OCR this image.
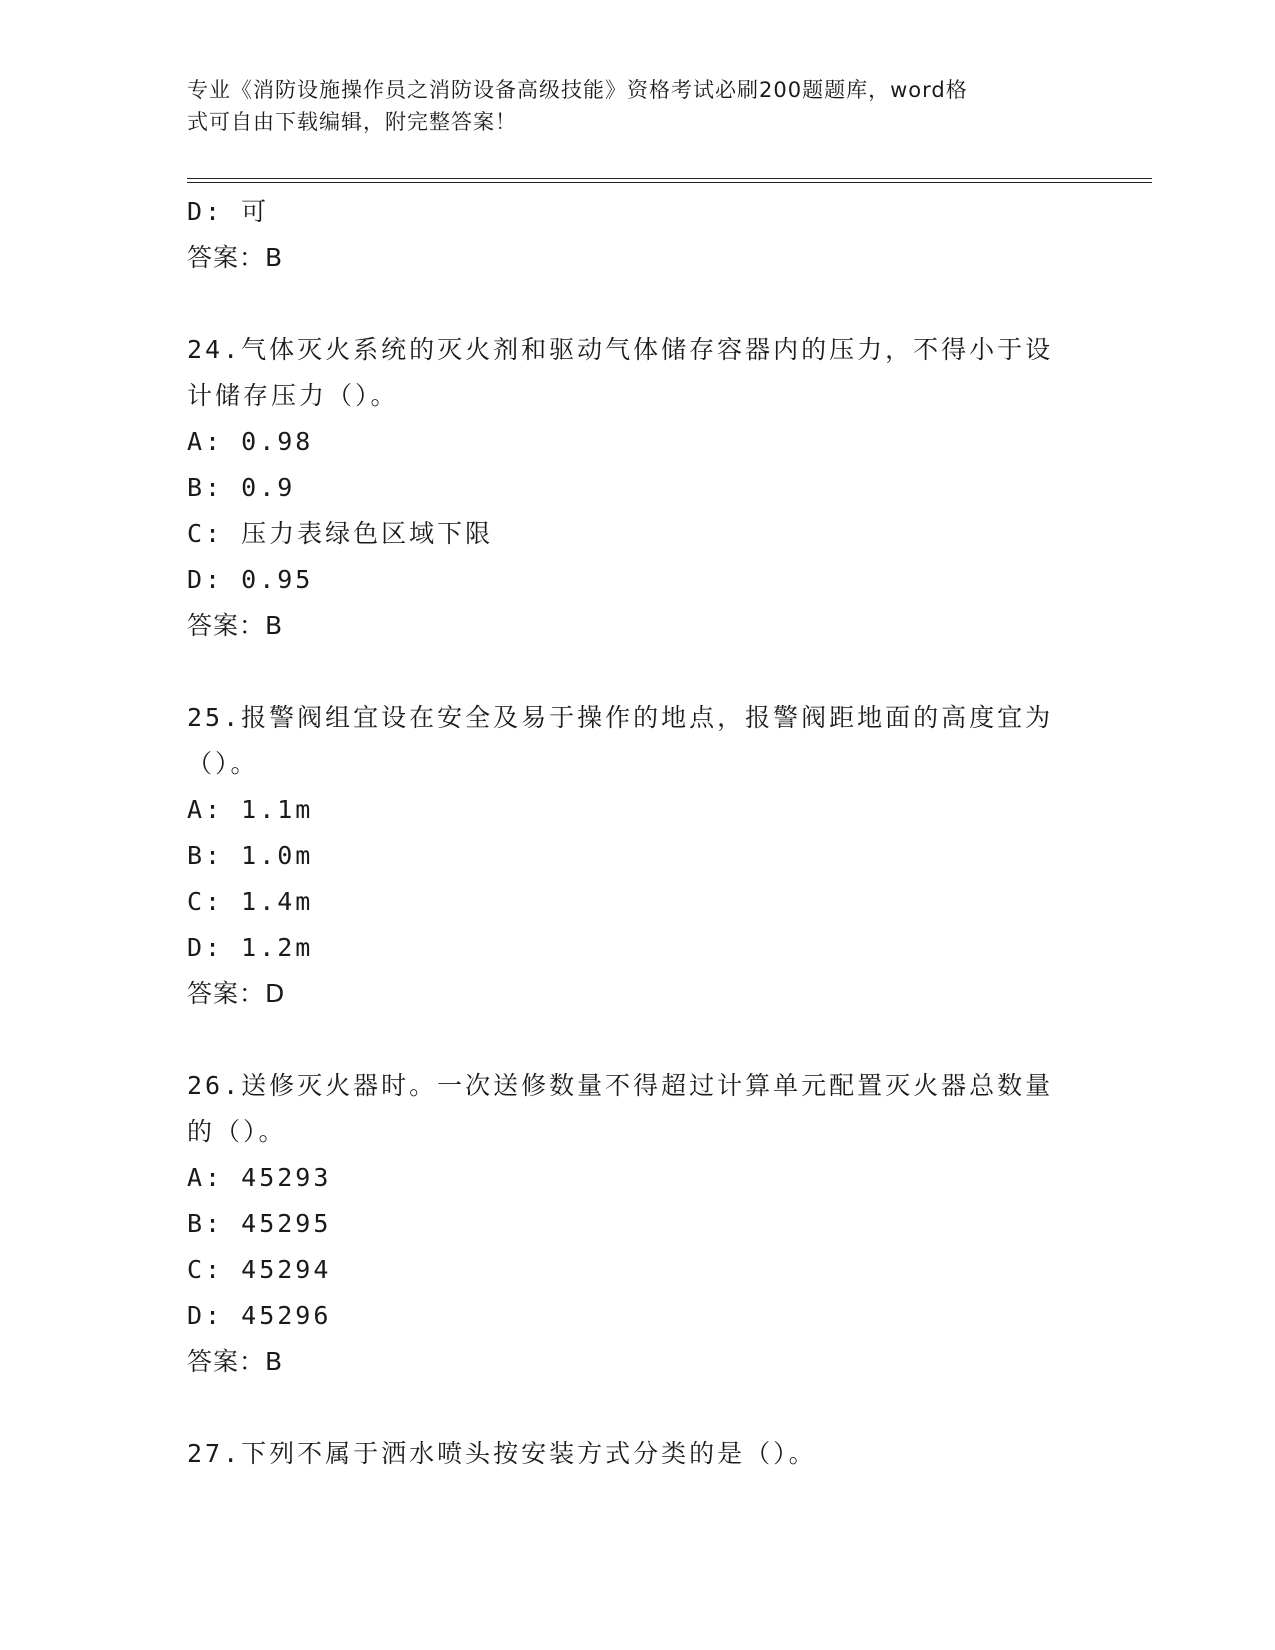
专业《消防设施操作员之消防设备高级技能》资格考试必刷200题题库，word格
式可自由下载编辑，附完整答案！
D: 可
答案：B
24.气体灭火系统的灭火剂和驱动气体储存容器内的压力，不得小于设
计储存压力（）。
A: 0.98
B: 0.9
C: 压力表绿色区域下限
D: 0.95
答案：B
25.报警阀组宜设在安全及易于操作的地点，报警阀距地面的高度宜为
（）。
A: 1.1m
B: 1.0m
C: 1.4m
D: 1.2m
答案：D
26.送修灭火器时。一次送修数量不得超过计算单元配置灭火器总数量
的（）。
A: 45293
B: 45295
C: 45294
D: 45296
答案：B
27.下列不属于洒水喷头按安装方式分类的是（）。
